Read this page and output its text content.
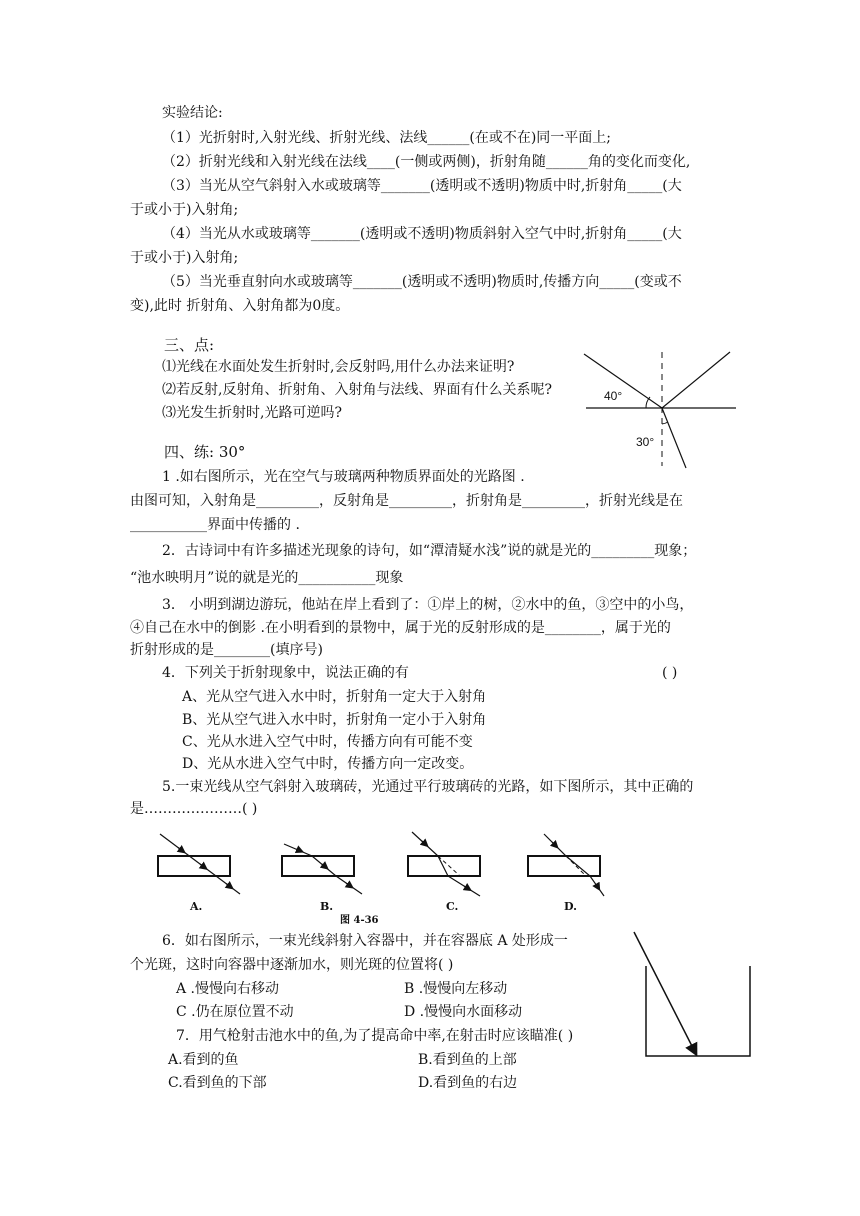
实验结论:
（1）光折射时,入射光线、折射光线、法线______(在或不在)同一平面上;
（2）折射光线和入射光线在法线____(一侧或两侧)，折射角随______角的变化而变化,
（3）当光从空气斜射入水或玻璃等_______(透明或不透明)物质中时,折射角_____(大
于或小于)入射角;
（4）当光从水或玻璃等_______(透明或不透明)物质斜射入空气中时,折射角_____(大
于或小于)入射角;
（5）当光垂直射向水或玻璃等_______(透明或不透明)物质时,传播方向_____(变或不
变),此时 折射角、入射角都为0度。
三、点:
⑴光线在水面处发生折射时,会反射吗,用什么办法来证明?
⑵若反射,反射角、折射角、入射角与法线、界面有什么关系呢?
⑶光发生折射时,光路可逆吗?
40°
30°
四、练: 30°
1 .如右图所示，光在空气与玻璃两种物质界面处的光路图 .
由图可知，入射角是_________，反射角是_________，折射角是_________，折射光线是在
___________界面中传播的 .
2．古诗词中有许多描述光现象的诗句，如“潭清疑水浅”说的就是光的_________现象；
“池水映明月”说的就是光的___________现象
3． 小明到湖边游玩，他站在岸上看到了：①岸上的树，②水中的鱼，③空中的小鸟，
④自己在水中的倒影 .在小明看到的景物中，属于光的反射形成的是________，属于光的
折射形成的是________(填序号)
4．下列关于折射现象中，说法正确的有	( )
A、光从空气进入水中时，折射角一定大于入射角
B、光从空气进入水中时，折射角一定小于入射角
C、光从水进入空气中时，传播方向有可能不变
D、光从水进入空气中时，传播方向一定改变。
5.一束光线从空气斜射入玻璃砖，光通过平行玻璃砖的光路，如下图所示，其中正确的
是…………………( )
A.	B.	C.	D.
图 4-36
6．如右图所示，一束光线斜射入容器中，并在容器底 A 处形成一
个光斑，这时向容器中逐渐加水，则光斑的位置将( )
A .慢慢向右移动	B .慢慢向左移动
C .仍在原位置不动	D .慢慢向水面移动
7．用气枪射击池水中的鱼,为了提高命中率,在射击时应该瞄准( )
A.看到的鱼	B.看到鱼的上部
C.看到鱼的下部	D.看到鱼的右边
